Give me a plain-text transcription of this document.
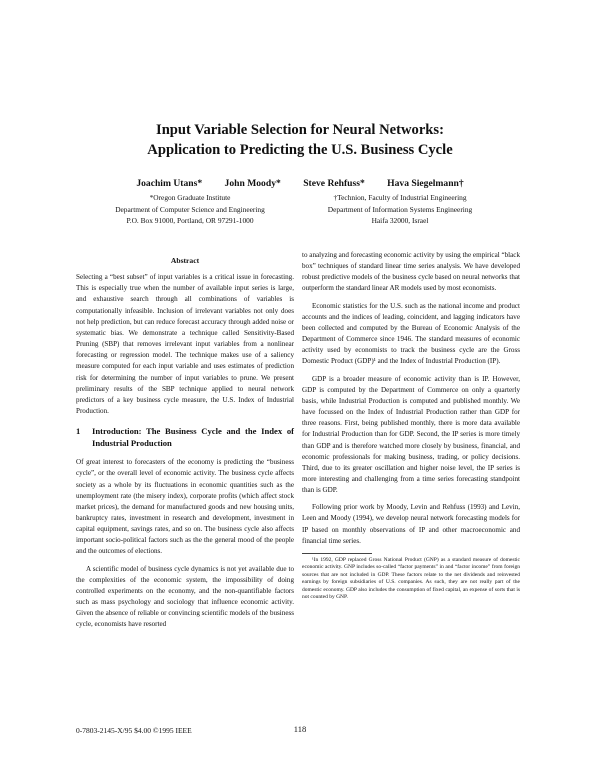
Input Variable Selection for Neural Networks:
Application to Predicting the U.S. Business Cycle
Joachim Utans* John Moody* Steve Rehfuss* Hava Siegelmann†
*Oregon Graduate Institute
Department of Computer Science and Engineering
P.O. Box 91000, Portland, OR 97291-1000
†Technion, Faculty of Industrial Engineering
Department of Information Systems Engineering
Haifa 32000, Israel
Abstract

Selecting a “best subset” of input variables is a critical issue in forecasting. This is especially true when the number of available input series is large, and exhaustive search through all combinations of variables is computationally infeasible. Inclusion of irrelevant variables not only does not help prediction, but can reduce forecast accuracy through added noise or systematic bias. We demonstrate a technique called Sensitivity-Based Pruning (SBP) that removes irrelevant input variables from a nonlinear forecasting or regression model. The technique makes use of a saliency measure computed for each input variable and uses estimates of prediction risk for determining the number of input variables to prune. We present preliminary results of the SBP technique applied to neural network predictors of a key business cycle measure, the U.S. Index of Industrial Production.

1	Introduction: The Business Cycle and the Index of Industrial Production

Of great interest to forecasters of the economy is predicting the “business cycle”, or the overall level of economic activity. The business cycle affects society as a whole by its fluctuations in economic quantities such as the unemployment rate (the misery index), corporate profits (which affect stock market prices), the demand for manufactured goods and new housing units, bankruptcy rates, investment in research and development, investment in capital equipment, savings rates, and so on. The business cycle also affects important socio-political factors such as the the general mood of the people and the outcomes of elections.

A scientific model of business cycle dynamics is not yet available due to the complexities of the economic system, the impossibility of doing controlled experiments on the economy, and the non-quantifiable factors such as mass psychology and sociology that influence economic activity. Given the absence of reliable or convincing scientific models of the business cycle, economists have resorted

to analyzing and forecasting economic activity by using the empirical “black box” techniques of standard linear time series analysis. We have developed robust predictive models of the business cycle based on neural networks that outperform the standard linear AR models used by most economists.

Economic statistics for the U.S. such as the national income and product accounts and the indices of leading, coincident, and lagging indicators have been collected and computed by the Bureau of Economic Analysis of the Department of Commerce since 1946. The standard measures of economic activity used by economists to track the business cycle are the Gross Domestic Product (GDP)¹ and the Index of Industrial Production (IP).

GDP is a broader measure of economic activity than is IP. However, GDP is computed by the Department of Commerce on only a quarterly basis, while Industrial Production is computed and published monthly. We have focussed on the Index of Industrial Production rather than GDP for three reasons. First, being published monthly, there is more data available for Industrial Production than for GDP. Second, the IP series is more timely than GDP and is therefore watched more closely by business, financial, and economic professionals for making business, trading, or policy decisions. Third, due to its greater oscillation and higher noise level, the IP series is more interesting and challenging from a time series forecasting standpoint than is GDP.

Following prior work by Moody, Levin and Rehfuss (1993) and Levin, Leen and Moody (1994), we develop neural network forecasting models for IP based on monthly observations of IP and other macroeconomic and financial time series.

¹In 1992, GDP replaced Gross National Product (GNP) as a standard measure of domestic economic activity. GNP includes so-called “factor payments” in and “factor income” from foreign sources that are not included in GDP. These factors relate to the net dividends and reinvested earnings by foreign subsidiaries of U.S. companies. As such, they are not really part of the domestic economy. GDP also includes the consumption of fixed capital, an expense of sorts that is not counted by GNP.

0-7803-2145-X/95 $4.00 ©1995 IEEE	118
